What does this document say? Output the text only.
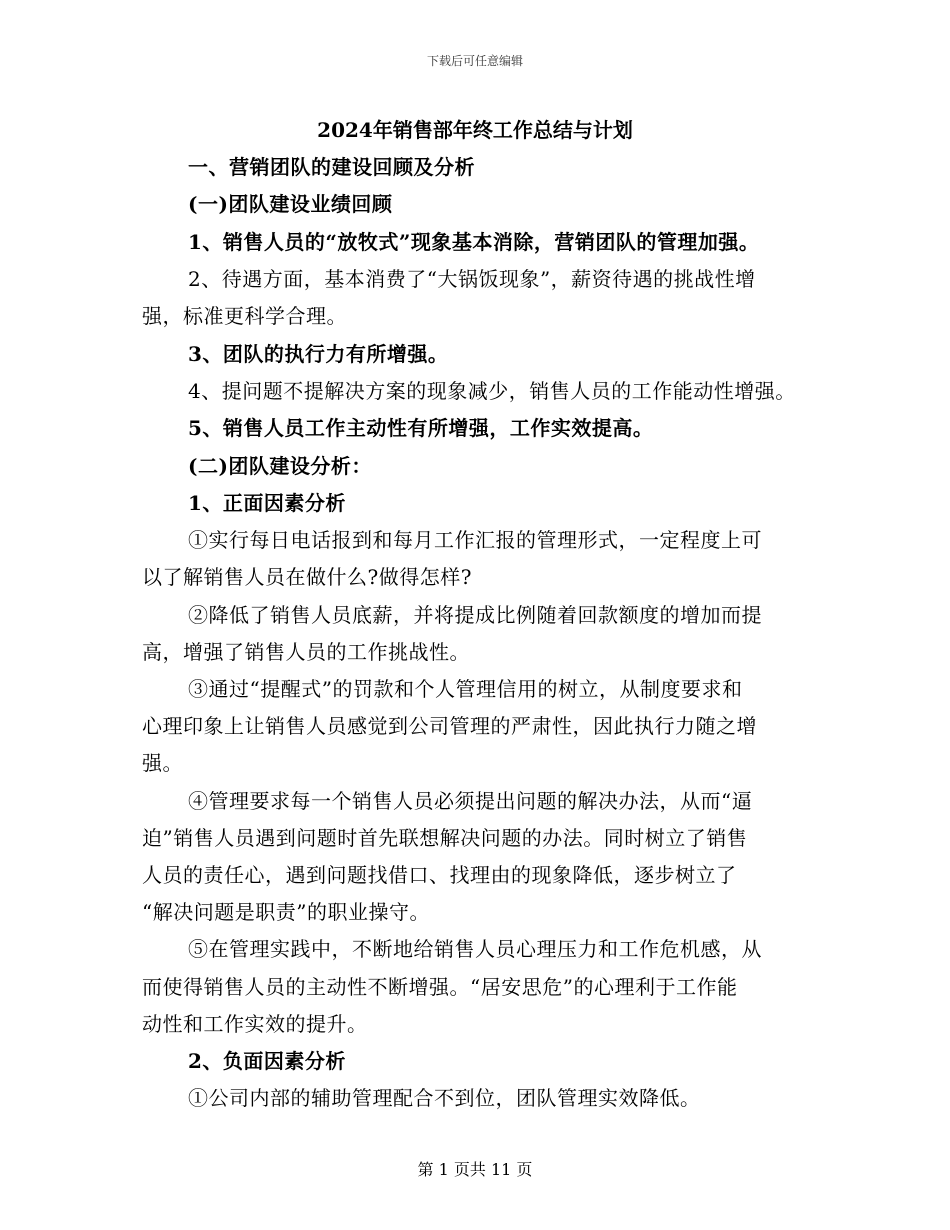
下载后可任意编辑
2024年销售部年终工作总结与计划
一、营销团队的建设回顾及分析
(一)团队建设业绩回顾
1、销售人员的“放牧式”现象基本消除，营销团队的管理加强。
2、待遇方面，基本消费了“大锅饭现象”，薪资待遇的挑战性增
强，标准更科学合理。
3、团队的执行力有所增强。
4、提问题不提解决方案的现象减少，销售人员的工作能动性增强。
5、销售人员工作主动性有所增强，工作实效提高。
(二)团队建设分析：
1、正面因素分析
①实行每日电话报到和每月工作汇报的管理形式，一定程度上可
以了解销售人员在做什么?做得怎样?
②降低了销售人员底薪，并将提成比例随着回款额度的增加而提
高，增强了销售人员的工作挑战性。
③通过“提醒式”的罚款和个人管理信用的树立，从制度要求和
心理印象上让销售人员感觉到公司管理的严肃性，因此执行力随之增
强。
④管理要求每一个销售人员必须提出问题的解决办法，从而“逼
迫”销售人员遇到问题时首先联想解决问题的办法。同时树立了销售
人员的责任心，遇到问题找借口、找理由的现象降低，逐步树立了
“解决问题是职责”的职业操守。
⑤在管理实践中，不断地给销售人员心理压力和工作危机感，从
而使得销售人员的主动性不断增强。“居安思危”的心理利于工作能
动性和工作实效的提升。
2、负面因素分析
①公司内部的辅助管理配合不到位，团队管理实效降低。
第 1 页共 11 页
